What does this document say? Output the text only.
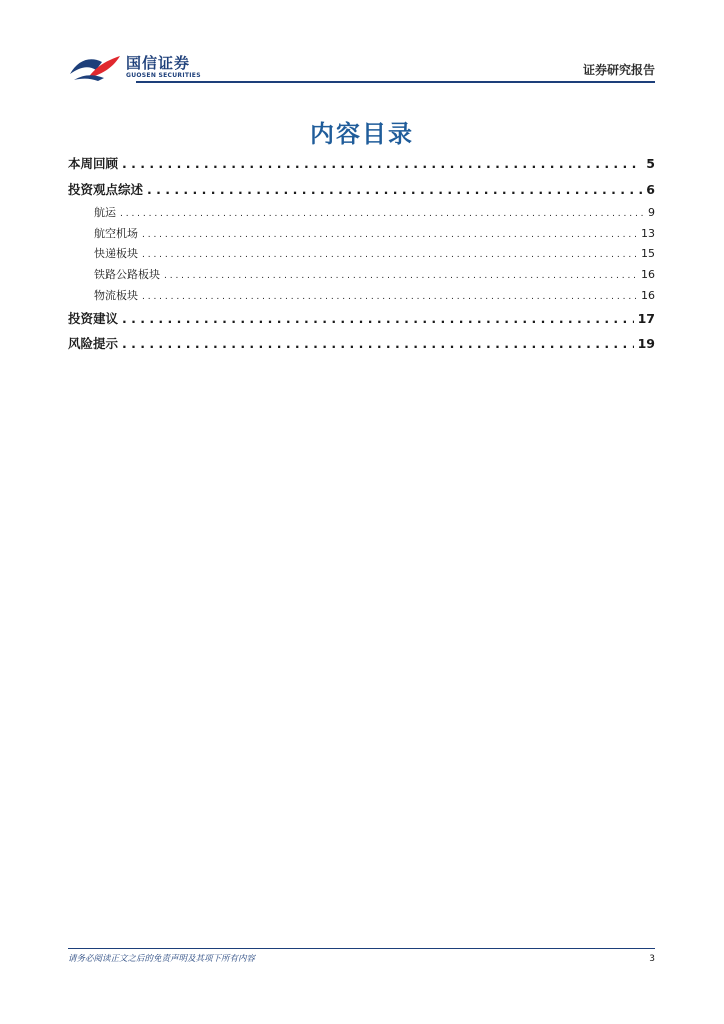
国信证券
GUOSEN SECURITIES	证券研究报告
内容目录
本周回顾 . . .	5
投资观点综述 . . .	6
航运 . . .	9
航空机场 . . .	13
快递板块 . . .	15
铁路公路板块 . . .	16
物流板块 . . .	16
投资建议 . . .	17
风险提示 . . .	19
请务必阅读正文之后的免责声明及其项下所有内容	3
